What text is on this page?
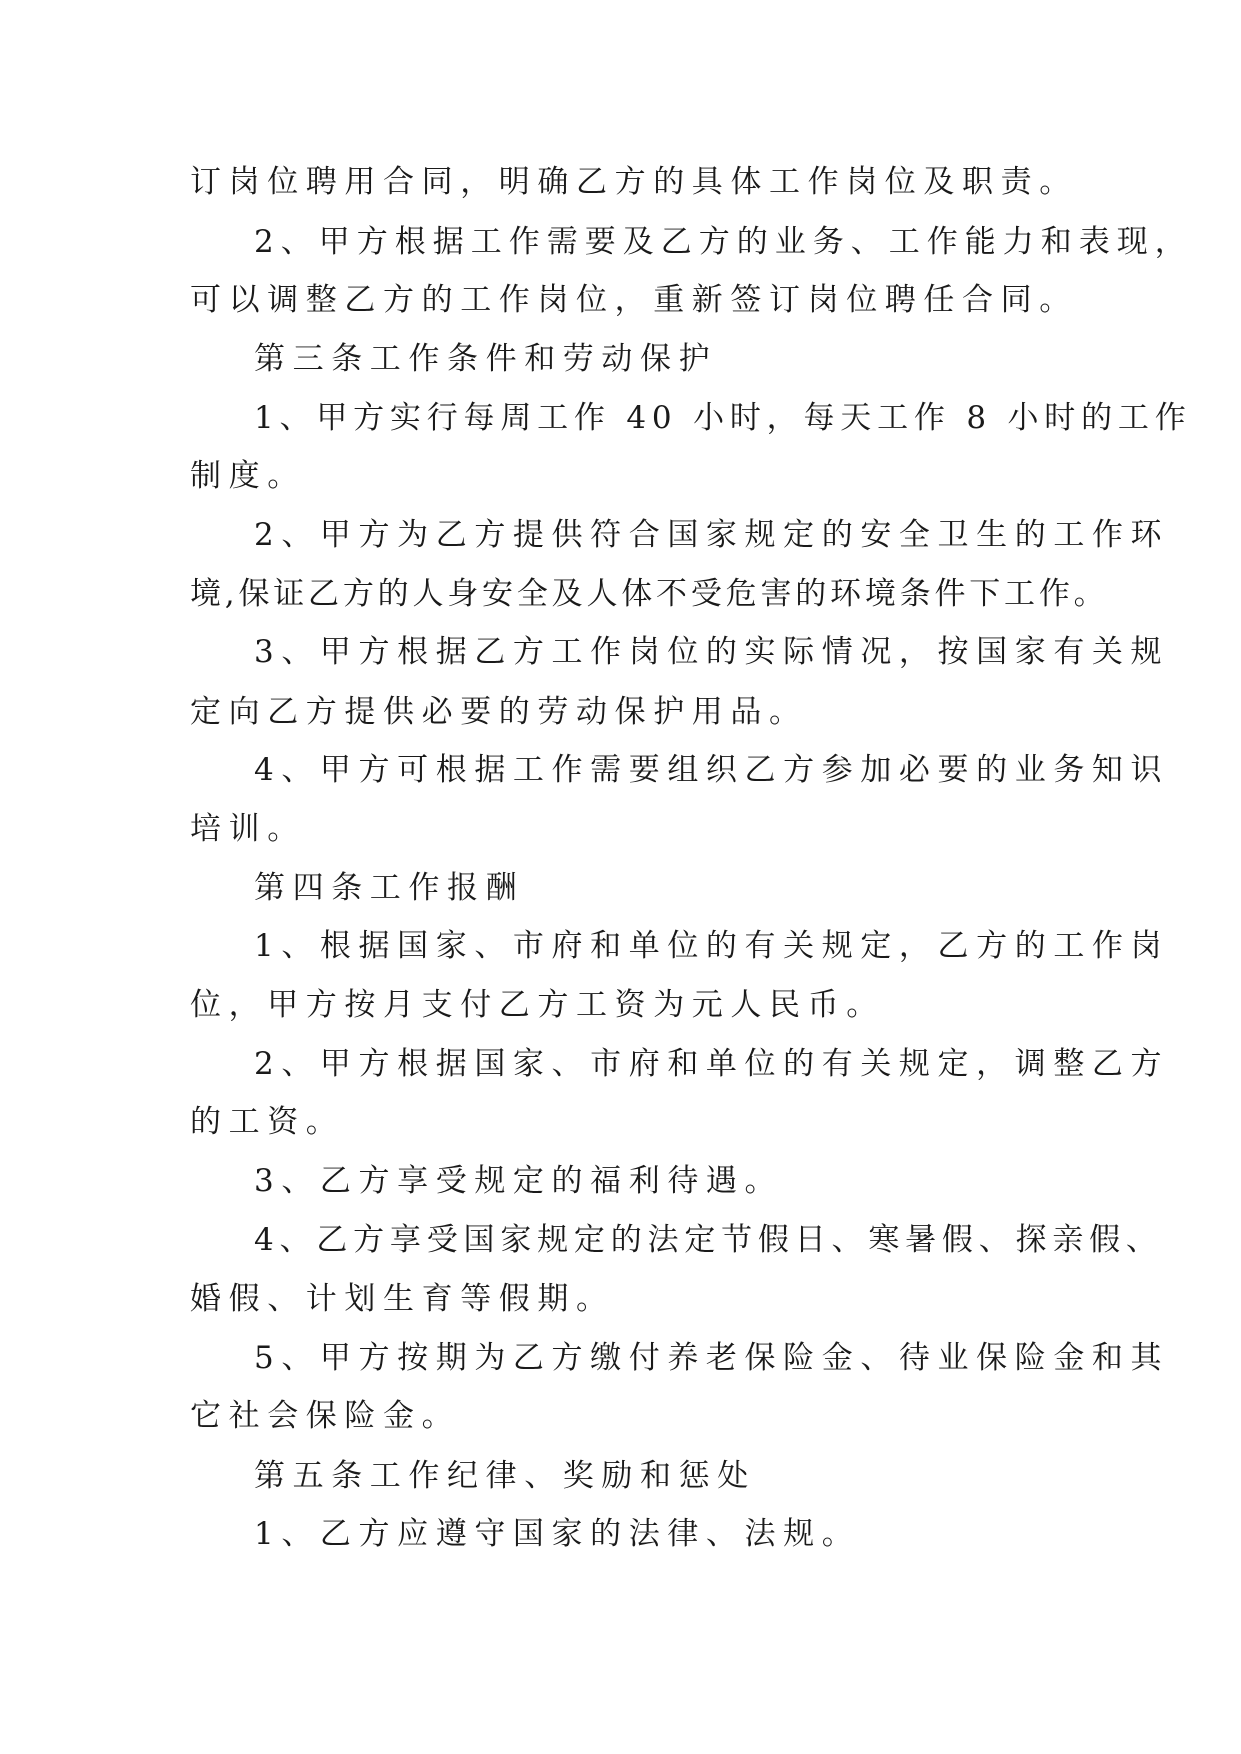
订岗位聘用合同，明确乙方的具体工作岗位及职责。
2、甲方根据工作需要及乙方的业务、工作能力和表现，
可以调整乙方的工作岗位，重新签订岗位聘任合同。
第三条工作条件和劳动保护
1、甲方实行每周工作 40 小时，每天工作 8 小时的工作
制度。
2、甲方为乙方提供符合国家规定的安全卫生的工作环
境,保证乙方的人身安全及人体不受危害的环境条件下工作。
3、甲方根据乙方工作岗位的实际情况，按国家有关规
定向乙方提供必要的劳动保护用品。
4、甲方可根据工作需要组织乙方参加必要的业务知识
培训。
第四条工作报酬
1、根据国家、市府和单位的有关规定，乙方的工作岗
位，甲方按月支付乙方工资为元人民币。
2、甲方根据国家、市府和单位的有关规定，调整乙方
的工资。
3、乙方享受规定的福利待遇。
4、乙方享受国家规定的法定节假日、寒暑假、探亲假、
婚假、计划生育等假期。
5、甲方按期为乙方缴付养老保险金、待业保险金和其
它社会保险金。
第五条工作纪律、奖励和惩处
1、乙方应遵守国家的法律、法规。
